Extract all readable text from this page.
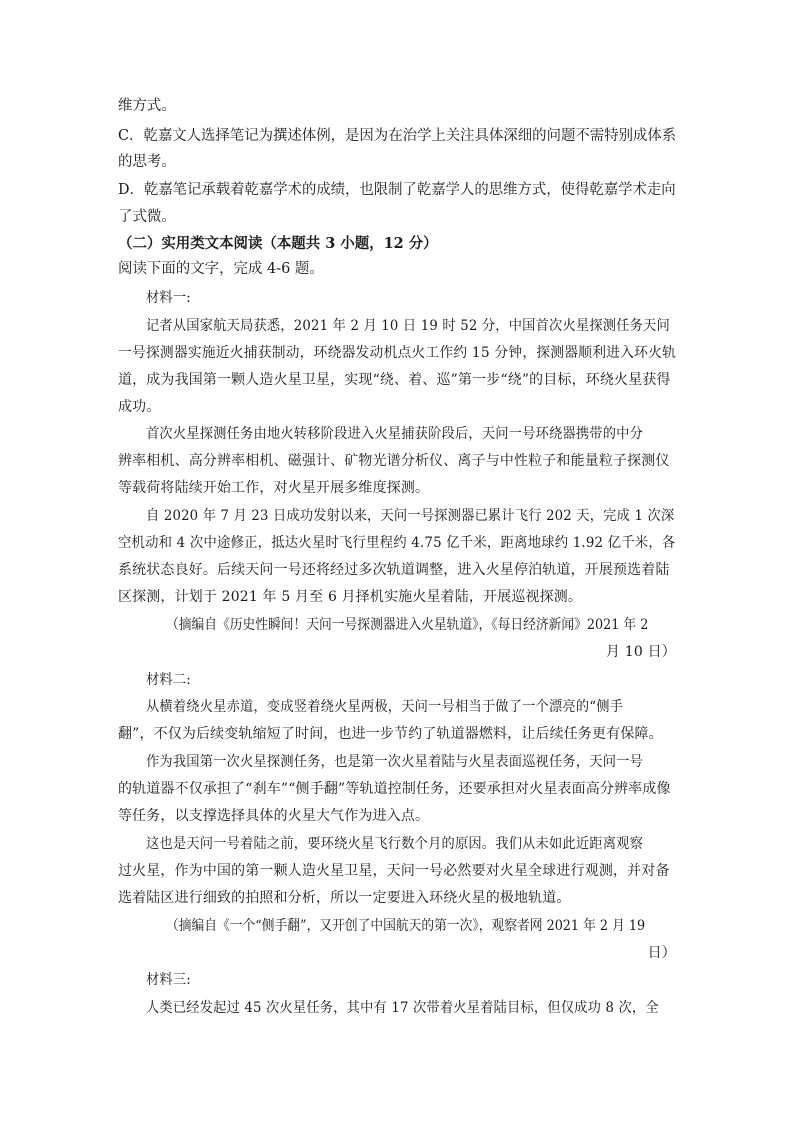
维方式。

C．乾嘉文人选择笔记为撰述体例，是因为在治学上关注具体深细的问题不需特别成体系

的思考。

D．乾嘉笔记承载着乾嘉学术的成绩，也限制了乾嘉学人的思维方式，使得乾嘉学术走向

了式微。

（二）实用类文本阅读（本题共 3 小题，12 分）

阅读下面的文字，完成 4-6 题。

材料一:

记者从国家航天局获悉，2021 年 2 月 10 日 19 时 52 分，中国首次火星探测任务天问

一号探测器实施近火捕获制动，环绕器发动机点火工作约 15 分钟，探测器顺利进入环火轨

道，成为我国第一颗人造火星卫星，实现“绕、着、巡”第一步“绕”的目标，环绕火星获得

成功。

首次火星探测任务由地火转移阶段进入火星捕获阶段后，天问一号环绕器携带的中分

辨率相机、高分辨率相机、磁强计、矿物光谱分析仪、离子与中性粒子和能量粒子探测仪

等载荷将陆续开始工作，对火星开展多维度探测。

自 2020 年 7 月 23 日成功发射以来，天问一号探测器已累计飞行 202 天，完成 1 次深

空机动和 4 次中途修正，抵达火星时飞行里程约 4.75 亿千米，距离地球约 1.92 亿千米，各

系统状态良好。后续天问一号还将经过多次轨道调整，进入火星停泊轨道，开展预选着陆

区探测，计划于 2021 年 5 月至 6 月择机实施火星着陆，开展巡视探测。

（摘编自《历史性瞬间！天问一号探测器进入火星轨道》，《每日经济新闻》2021 年 2

月 10 日）

材料二:

从横着绕火星赤道，变成竖着绕火星两极，天问一号相当于做了一个漂亮的“侧手

翻”，不仅为后续变轨缩短了时间，也进一步节约了轨道器燃料，让后续任务更有保障。

作为我国第一次火星探测任务，也是第一次火星着陆与火星表面巡视任务，天问一号

的轨道器不仅承担了“刹车”“侧手翻”等轨道控制任务，还要承担对火星表面高分辨率成像

等任务，以支撑选择具体的火星大气作为进入点。

这也是天问一号着陆之前，要环绕火星飞行数个月的原因。我们从未如此近距离观察

过火星，作为中国的第一颗人造火星卫星，天问一号必然要对火星全球进行观测，并对备

选着陆区进行细致的拍照和分析，所以一定要进入环绕火星的极地轨道。

（摘编自《一个“侧手翻”，又开创了中国航天的第一次》，观察者网 2021 年 2 月 19

日）

材料三:

人类已经发起过 45 次火星任务，其中有 17 次带着火星着陆目标，但仅成功 8 次，全
